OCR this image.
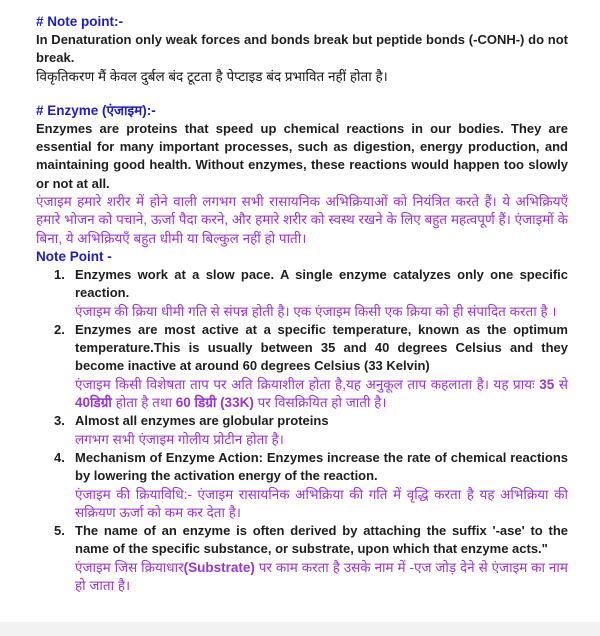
# Note point:-

In Denaturation only weak forces and bonds break but peptide bonds (-CONH-) do not break.

विकृतिकरण मैं केवल दुर्बल बंद टूटता है पेप्टाइड बंद प्रभावित नहीं होता है।

# Enzyme (एंजाइम):-

Enzymes are proteins that speed up chemical reactions in our bodies. They are essential for many important processes, such as digestion, energy production, and maintaining good health. Without enzymes, these reactions would happen too slowly or not at all.

एंजाइम हमारे शरीर में होने वाली लगभग सभी रासायनिक अभिक्रियाओं को नियंत्रित करते हैं। ये अभिक्रियएँ हमारे भोजन को पचाने, ऊर्जा पैदा करने, और हमारे शरीर को स्वस्थ रखने के लिए बहुत महत्वपूर्ण हैं। एंजाइमों के बिना, ये अभिक्रियएँ बहुत धीमी या बिल्कुल नहीं हो पाती।

Note Point -
1. Enzymes work at a slow pace. A single enzyme catalyzes only one specific reaction.

एंजाइम की क्रिया धीमी गति से संपन्न होती है। एक एंजाइम किसी एक क्रिया को ही संपादित करता है ।

2. Enzymes are most active at a specific temperature, known as the optimum temperature.This is usually between 35 and 40 degrees Celsius and they become inactive at around 60 degrees Celsius (33 Kelvin)

एंजाइम किसी विशेषता ताप पर अति क्रियाशील होता है,यह अनुकूल ताप कहलाता है। यह प्रायः 35 से 40डिग्री होता है तथा 60 डिग्री (33K) पर विसक्रियित हो जाती है।

3. Almost all enzymes are globular proteins

लगभग सभी एंजाइम गोलीय प्रोटीन होता है।

4. Mechanism of Enzyme Action: Enzymes increase the rate of chemical reactions by lowering the activation energy of the reaction.

एंजाइम की क्रियाविधि:- एंजाइम रासायनिक अभिक्रिया की गति में वृद्धि करता है यह अभिक्रिया की सक्रियण ऊर्जा को कम कर देता है।

5. The name of an enzyme is often derived by attaching the suffix '-ase' to the name of the specific substance, or substrate, upon which that enzyme acts."

एंजाइम जिस क्रियाधार(Substrate) पर काम करता है उसके नाम में -एज जोड़ देने से एंजाइम का नाम हो जाता है।
